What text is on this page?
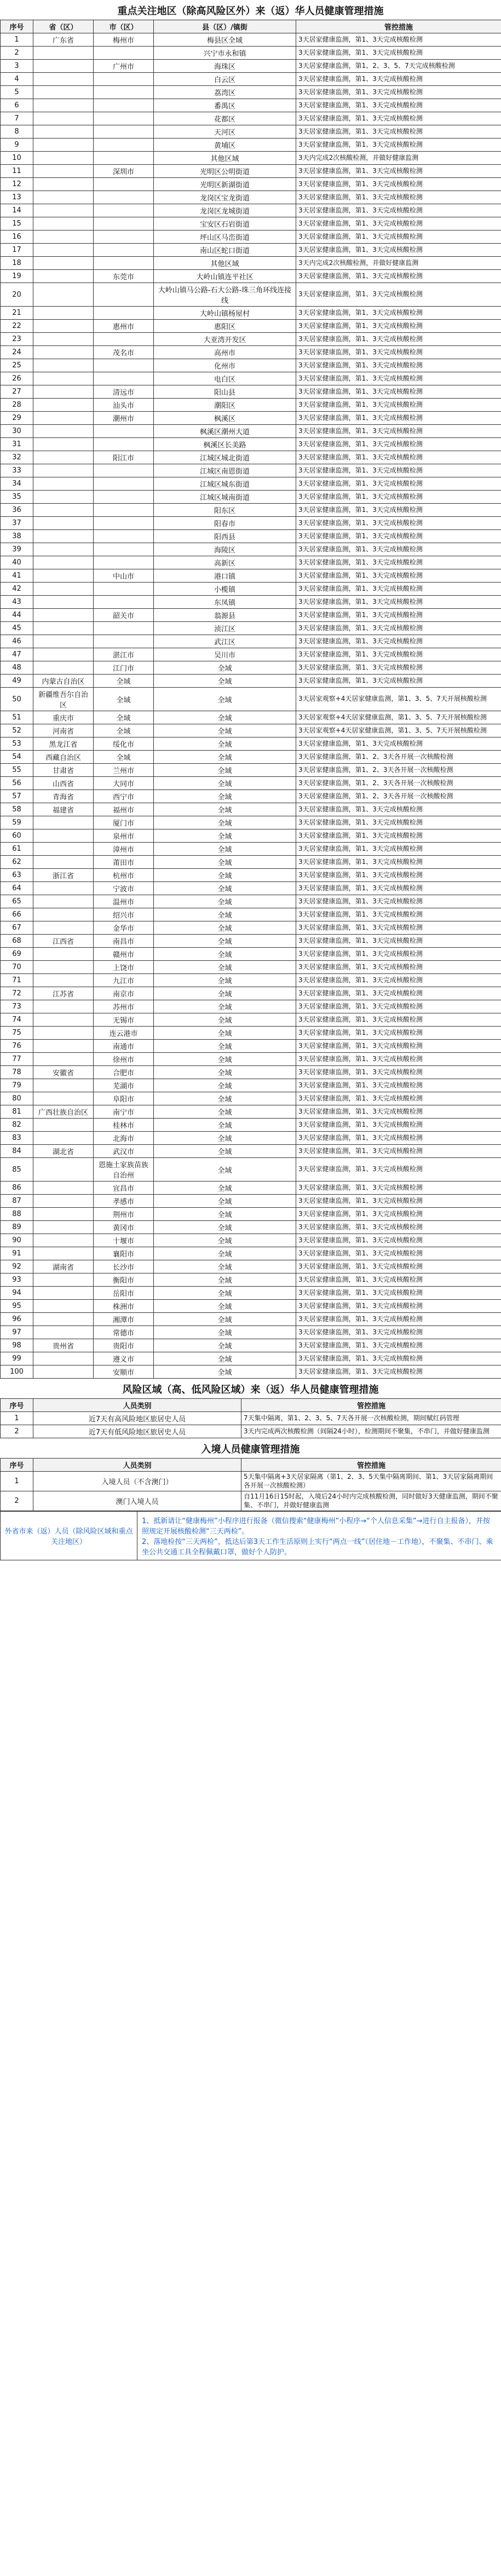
重点关注地区（除高风险区外）来（返）华人员健康管理措施
序号	省（区）	市（区）	县（区）/镇街	管控措施
1	广东省	梅州市	梅县区全域	3天居家健康监测，第1、3天完成核酸检测
2			兴宁市永和镇	3天居家健康监测，第1、3天完成核酸检测
3		广州市	海珠区	3天居家健康监测，第1、2、3、5、7天完成核酸检测
4			白云区	3天居家健康监测，第1、3天完成核酸检测
5			荔湾区	3天居家健康监测，第1、3天完成核酸检测
6			番禺区	3天居家健康监测，第1、3天完成核酸检测
7			花都区	3天居家健康监测，第1、3天完成核酸检测
8			天河区	3天居家健康监测，第1、3天完成核酸检测
9			黄埔区	3天居家健康监测，第1、3天完成核酸检测
10			其他区域	3天内完成2次核酸检测，并做好健康监测
11		深圳市	光明区公明街道	3天居家健康监测，第1、3天完成核酸检测
12			光明区新湖街道	3天居家健康监测，第1、3天完成核酸检测
13			龙岗区宝龙街道	3天居家健康监测，第1、3天完成核酸检测
14			龙岗区龙城街道	3天居家健康监测，第1、3天完成核酸检测
15			宝安区石岩街道	3天居家健康监测，第1、3天完成核酸检测
16			坪山区马峦街道	3天居家健康监测，第1、3天完成核酸检测
17			南山区蛇口街道	3天居家健康监测，第1、3天完成核酸检测
18			其他区域	3天内完成2次核酸检测，并做好健康监测
19		东莞市	大岭山镇连平社区	3天居家健康监测，第1、3天完成核酸检测
20			大岭山镇马公路-石大公路-珠三角环线连接线	3天居家健康监测，第1、3天完成核酸检测
21			大岭山镇杨屋村	3天居家健康监测，第1、3天完成核酸检测
22		惠州市	惠阳区	3天居家健康监测，第1、3天完成核酸检测
23			大亚湾开发区	3天居家健康监测，第1、3天完成核酸检测
24		茂名市	高州市	3天居家健康监测，第1、3天完成核酸检测
25			化州市	3天居家健康监测，第1、3天完成核酸检测
26			电白区	3天居家健康监测，第1、3天完成核酸检测
27		清远市	阳山县	3天居家健康监测，第1、3天完成核酸检测
28		汕头市	潮阳区	3天居家健康监测，第1、3天完成核酸检测
29		潮州市	枫溪区	3天居家健康监测，第1、3天完成核酸检测
30			枫溪区潮州大道	3天居家健康监测，第1、3天完成核酸检测
31			枫溪区长美路	3天居家健康监测，第1、3天完成核酸检测
32		阳江市	江城区城北街道	3天居家健康监测，第1、3天完成核酸检测
33			江城区南恩街道	3天居家健康监测，第1、3天完成核酸检测
34			江城区城东街道	3天居家健康监测，第1、3天完成核酸检测
35			江城区城南街道	3天居家健康监测，第1、3天完成核酸检测
36			阳东区	3天居家健康监测，第1、3天完成核酸检测
37			阳春市	3天居家健康监测，第1、3天完成核酸检测
38			阳西县	3天居家健康监测，第1、3天完成核酸检测
39			海陵区	3天居家健康监测，第1、3天完成核酸检测
40			高新区	3天居家健康监测，第1、3天完成核酸检测
41		中山市	港口镇	3天居家健康监测，第1、3天完成核酸检测
42			小榄镇	3天居家健康监测，第1、3天完成核酸检测
43			东凤镇	3天居家健康监测，第1、3天完成核酸检测
44		韶关市	翁源县	3天居家健康监测，第1、3天完成核酸检测
45			浈江区	3天居家健康监测，第1、3天完成核酸检测
46			武江区	3天居家健康监测，第1、3天完成核酸检测
47		湛江市	吴川市	3天居家健康监测，第1、3天完成核酸检测
48		江门市	全域	3天居家健康监测，第1、3天完成核酸检测
49	内蒙古自治区	全域	全域	3天居家健康监测，第1、3天完成核酸检测
50	新疆维吾尔自治区	全域	全域	3天居家观察+4天居家健康监测，第1、3、5、7天开展核酸检测
51	重庆市	全域	全域	3天居家观察+4天居家健康监测，第1、3、5、7天开展核酸检测
52	河南省	全域	全域	3天居家观察+4天居家健康监测，第1、3、5、7天开展核酸检测
53	黑龙江省	绥化市	全域	3天居家健康监测，第1、3天完成核酸检测
54	西藏自治区	全域	全域	3天居家健康监测，第1、2、3天各开展一次核酸检测
55	甘肃省	兰州市	全域	3天居家健康监测，第1、2、3天各开展一次核酸检测
56	山西省	大同市	全域	3天居家健康监测，第1、2、3天各开展一次核酸检测
57	青海省	西宁市	全域	3天居家健康监测，第1、2、3天各开展一次核酸检测
58	福建省	福州市	全域	3天居家健康监测，第1、3天完成核酸检测
59		厦门市	全域	3天居家健康监测，第1、3天完成核酸检测
60		泉州市	全域	3天居家健康监测，第1、3天完成核酸检测
61		漳州市	全域	3天居家健康监测，第1、3天完成核酸检测
62		莆田市	全域	3天居家健康监测，第1、3天完成核酸检测
63	浙江省	杭州市	全域	3天居家健康监测，第1、3天完成核酸检测
64		宁波市	全域	3天居家健康监测，第1、3天完成核酸检测
65		温州市	全域	3天居家健康监测，第1、3天完成核酸检测
66		绍兴市	全域	3天居家健康监测，第1、3天完成核酸检测
67		金华市	全域	3天居家健康监测，第1、3天完成核酸检测
68	江西省	南昌市	全域	3天居家健康监测，第1、3天完成核酸检测
69		赣州市	全域	3天居家健康监测，第1、3天完成核酸检测
70		上饶市	全域	3天居家健康监测，第1、3天完成核酸检测
71		九江市	全域	3天居家健康监测，第1、3天完成核酸检测
72	江苏省	南京市	全域	3天居家健康监测，第1、3天完成核酸检测
73		苏州市	全域	3天居家健康监测，第1、3天完成核酸检测
74		无锡市	全域	3天居家健康监测，第1、3天完成核酸检测
75		连云港市	全域	3天居家健康监测，第1、3天完成核酸检测
76		南通市	全域	3天居家健康监测，第1、3天完成核酸检测
77		徐州市	全域	3天居家健康监测，第1、3天完成核酸检测
78	安徽省	合肥市	全域	3天居家健康监测，第1、3天完成核酸检测
79		芜湖市	全域	3天居家健康监测，第1、3天完成核酸检测
80		阜阳市	全域	3天居家健康监测，第1、3天完成核酸检测
81	广西壮族自治区	南宁市	全域	3天居家健康监测，第1、3天完成核酸检测
82		桂林市	全域	3天居家健康监测，第1、3天完成核酸检测
83		北海市	全域	3天居家健康监测，第1、3天完成核酸检测
84	湖北省	武汉市	全域	3天居家健康监测，第1、3天完成核酸检测
85		恩施土家族苗族自治州	全域	3天居家健康监测，第1、3天完成核酸检测
86		宜昌市	全域	3天居家健康监测，第1、3天完成核酸检测
87		孝感市	全域	3天居家健康监测，第1、3天完成核酸检测
88		荆州市	全域	3天居家健康监测，第1、3天完成核酸检测
89		黄冈市	全域	3天居家健康监测，第1、3天完成核酸检测
90		十堰市	全域	3天居家健康监测，第1、3天完成核酸检测
91		襄阳市	全域	3天居家健康监测，第1、3天完成核酸检测
92	湖南省	长沙市	全域	3天居家健康监测，第1、3天完成核酸检测
93		衡阳市	全域	3天居家健康监测，第1、3天完成核酸检测
94		岳阳市	全域	3天居家健康监测，第1、3天完成核酸检测
95		株洲市	全域	3天居家健康监测，第1、3天完成核酸检测
96		湘潭市	全域	3天居家健康监测，第1、3天完成核酸检测
97		常德市	全域	3天居家健康监测，第1、3天完成核酸检测
98	贵州省	贵阳市	全域	3天居家健康监测，第1、3天完成核酸检测
99		遵义市	全域	3天居家健康监测，第1、3天完成核酸检测
100		安顺市	全域	3天居家健康监测，第1、3天完成核酸检测
风险区域（高、低风险区域）来（返）华人员健康管理措施
序号	人员类别	管控措施
1	近7天有高风险地区旅居史人员	7天集中隔离，第1、2、3、5、7天各开展一次核酸检测，期间赋红码管理
2	近7天有低风险地区旅居史人员	3天内完成两次核酸检测（间隔24小时），检测期间不聚集，不串门，并做好健康监测
入境人员健康管理措施
序号	人员类别	管控措施
1	入境人员（不含澳门）	5天集中隔离+3天居家隔离（第1、2、3、5天集中隔离期间、第1、3天居家隔离期间各开展一次核酸检测）
2	澳门入境人员	自11月16日15时起，入境后24小时内完成核酸检测，同时做好3天健康监测，期间不聚集、不串门，并做好健康监测
外省市来（返）人员（除风险区域和重点关注地区）	
1、抵新请让“健康梅州”小程序进行报备（微信搜索“健康梅州”小程序→“个人信息采集”→进行自主报备），并按照规定开展核酸检测“三天两检”。
2、落地检按“三天两检”，抵达后第3天工作生活原则上实行“两点一线”（居住地－工作地），不聚集、不串门、乘坐公共交通工具全程佩戴口罩，做好个人防护。
